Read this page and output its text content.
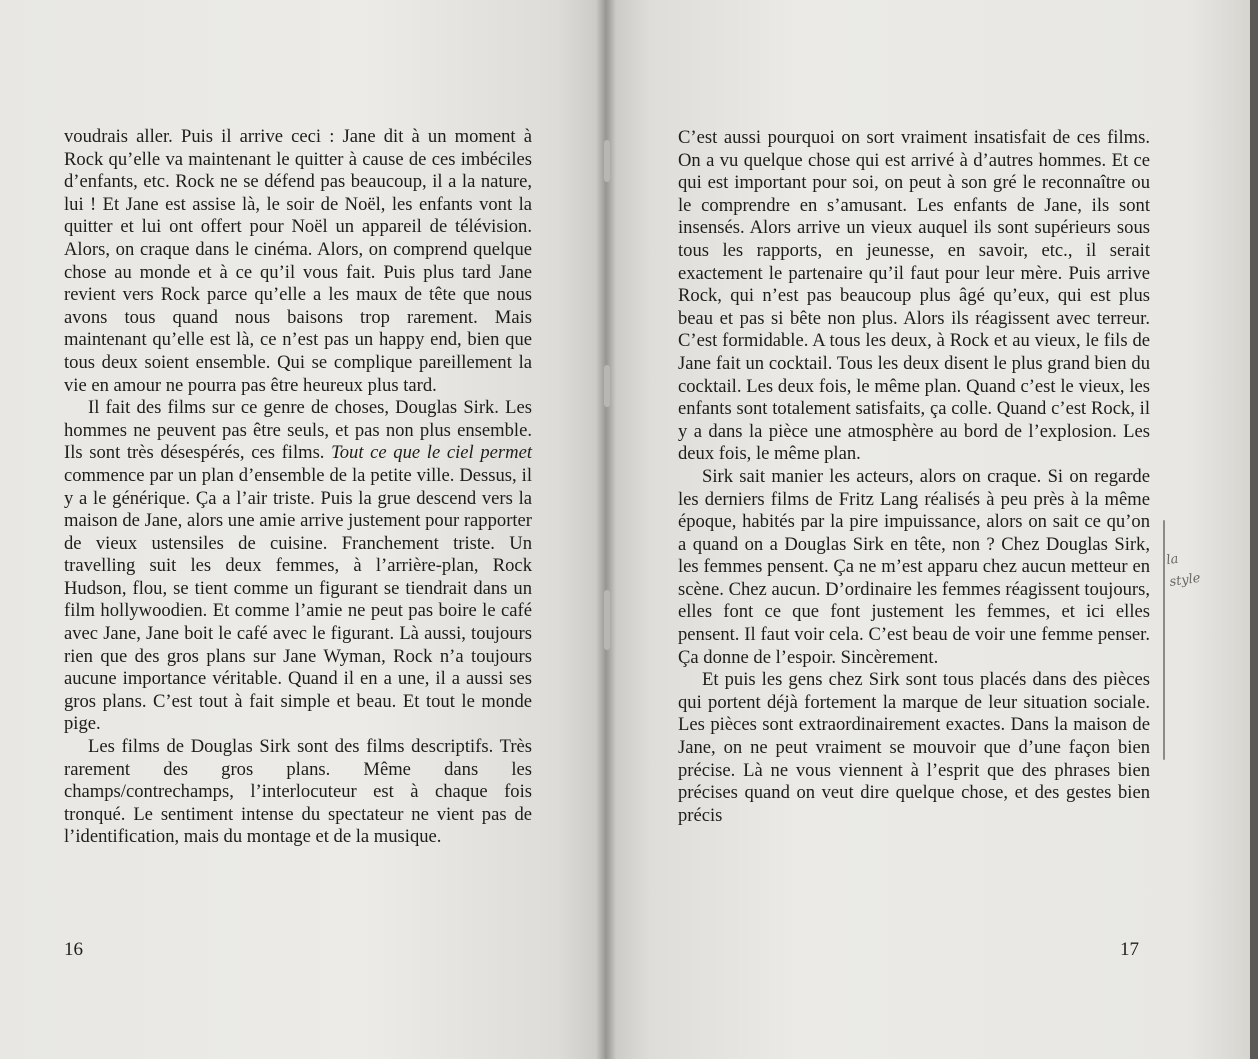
voudrais aller. Puis il arrive ceci : Jane dit à un moment à Rock qu’elle va maintenant le quitter à cause de ces imbéciles d’enfants, etc. Rock ne se défend pas beaucoup, il a la nature, lui ! Et Jane est assise là, le soir de Noël, les enfants vont la quitter et lui ont offert pour Noël un appareil de télévision. Alors, on craque dans le cinéma. Alors, on comprend quelque chose au monde et à ce qu’il vous fait. Puis plus tard Jane revient vers Rock parce qu’elle a les maux de tête que nous avons tous quand nous baisons trop rarement. Mais maintenant qu’elle est là, ce n’est pas un happy end, bien que tous deux soient ensemble. Qui se complique pareillement la vie en amour ne pourra pas être heureux plus tard.

Il fait des films sur ce genre de choses, Douglas Sirk. Les hommes ne peuvent pas être seuls, et pas non plus ensemble. Ils sont très désespérés, ces films. Tout ce que le ciel permet commence par un plan d’ensemble de la petite ville. Dessus, il y a le générique. Ça a l’air triste. Puis la grue descend vers la maison de Jane, alors une amie arrive justement pour rapporter de vieux ustensiles de cuisine. Franchement triste. Un travelling suit les deux femmes, à l’arrière-plan, Rock Hudson, flou, se tient comme un figurant se tiendrait dans un film hollywoodien. Et comme l’amie ne peut pas boire le café avec Jane, Jane boit le café avec le figurant. Là aussi, toujours rien que des gros plans sur Jane Wyman, Rock n’a toujours aucune importance véritable. Quand il en a une, il a aussi ses gros plans. C’est tout à fait simple et beau. Et tout le monde pige.

Les films de Douglas Sirk sont des films descriptifs. Très rarement des gros plans. Même dans les champs/contrechamps, l’interlocuteur est à chaque fois tronqué. Le sentiment intense du spectateur ne vient pas de l’identification, mais du montage et de la musique.

16

C’est aussi pourquoi on sort vraiment insatisfait de ces films. On a vu quelque chose qui est arrivé à d’autres hommes. Et ce qui est important pour soi, on peut à son gré le reconnaître ou le comprendre en s’amusant. Les enfants de Jane, ils sont insensés. Alors arrive un vieux auquel ils sont supérieurs sous tous les rapports, en jeunesse, en savoir, etc., il serait exactement le partenaire qu’il faut pour leur mère. Puis arrive Rock, qui n’est pas beaucoup plus âgé qu’eux, qui est plus beau et pas si bête non plus. Alors ils réagissent avec terreur. C’est formidable. A tous les deux, à Rock et au vieux, le fils de Jane fait un cocktail. Tous les deux disent le plus grand bien du cocktail. Les deux fois, le même plan. Quand c’est le vieux, les enfants sont totalement satisfaits, ça colle. Quand c’est Rock, il y a dans la pièce une atmosphère au bord de l’explosion. Les deux fois, le même plan.

Sirk sait manier les acteurs, alors on craque. Si on regarde les derniers films de Fritz Lang réalisés à peu près à la même époque, habités par la pire impuissance, alors on sait ce qu’on a quand on a Douglas Sirk en tête, non ? Chez Douglas Sirk, les femmes pensent. Ça ne m’est apparu chez aucun metteur en scène. Chez aucun. D’ordinaire les femmes réagissent toujours, elles font ce que font justement les femmes, et ici elles pensent. Il faut voir cela. C’est beau de voir une femme penser. Ça donne de l’espoir. Sincèrement.

Et puis les gens chez Sirk sont tous placés dans des pièces qui portent déjà fortement la marque de leur situation sociale. Les pièces sont extraordinairement exactes. Dans la maison de Jane, on ne peut vraiment se mouvoir que d’une façon bien précise. Là ne vous viennent à l’esprit que des phrases bien précises quand on veut dire quelque chose, et des gestes bien précis

17
la
style
